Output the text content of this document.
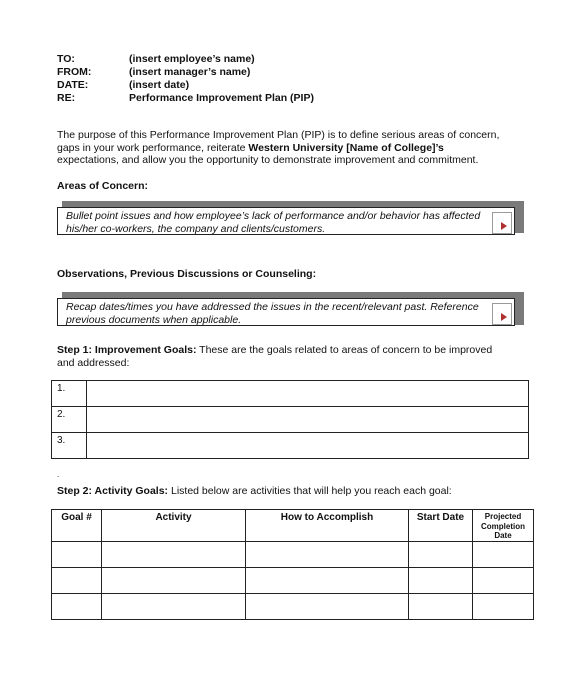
TO:	(insert employee’s name)
FROM:	(insert manager’s name)
DATE:	(insert date)
RE:	Performance Improvement Plan (PIP)
The purpose of this Performance Improvement Plan (PIP) is to define serious areas of concern,
gaps in your work performance, reiterate Western University [Name of College]’s
expectations, and allow you the opportunity to demonstrate improvement and commitment.
Areas of Concern:
Bullet point issues and how employee’s lack of performance and/or behavior has affected
his/her co-workers, the company and clients/customers.
Observations, Previous Discussions or Counseling:
Recap dates/times you have addressed the issues in the recent/relevant past. Reference
previous documents when applicable.
Step 1: Improvement Goals: These are the goals related to areas of concern to be improved
and addressed:
1.	
2.	
3.	
.
Step 2: Activity Goals: Listed below are activities that will help you reach each goal:
Goal #	Activity	How to Accomplish	Start Date	Projected Completion Date
